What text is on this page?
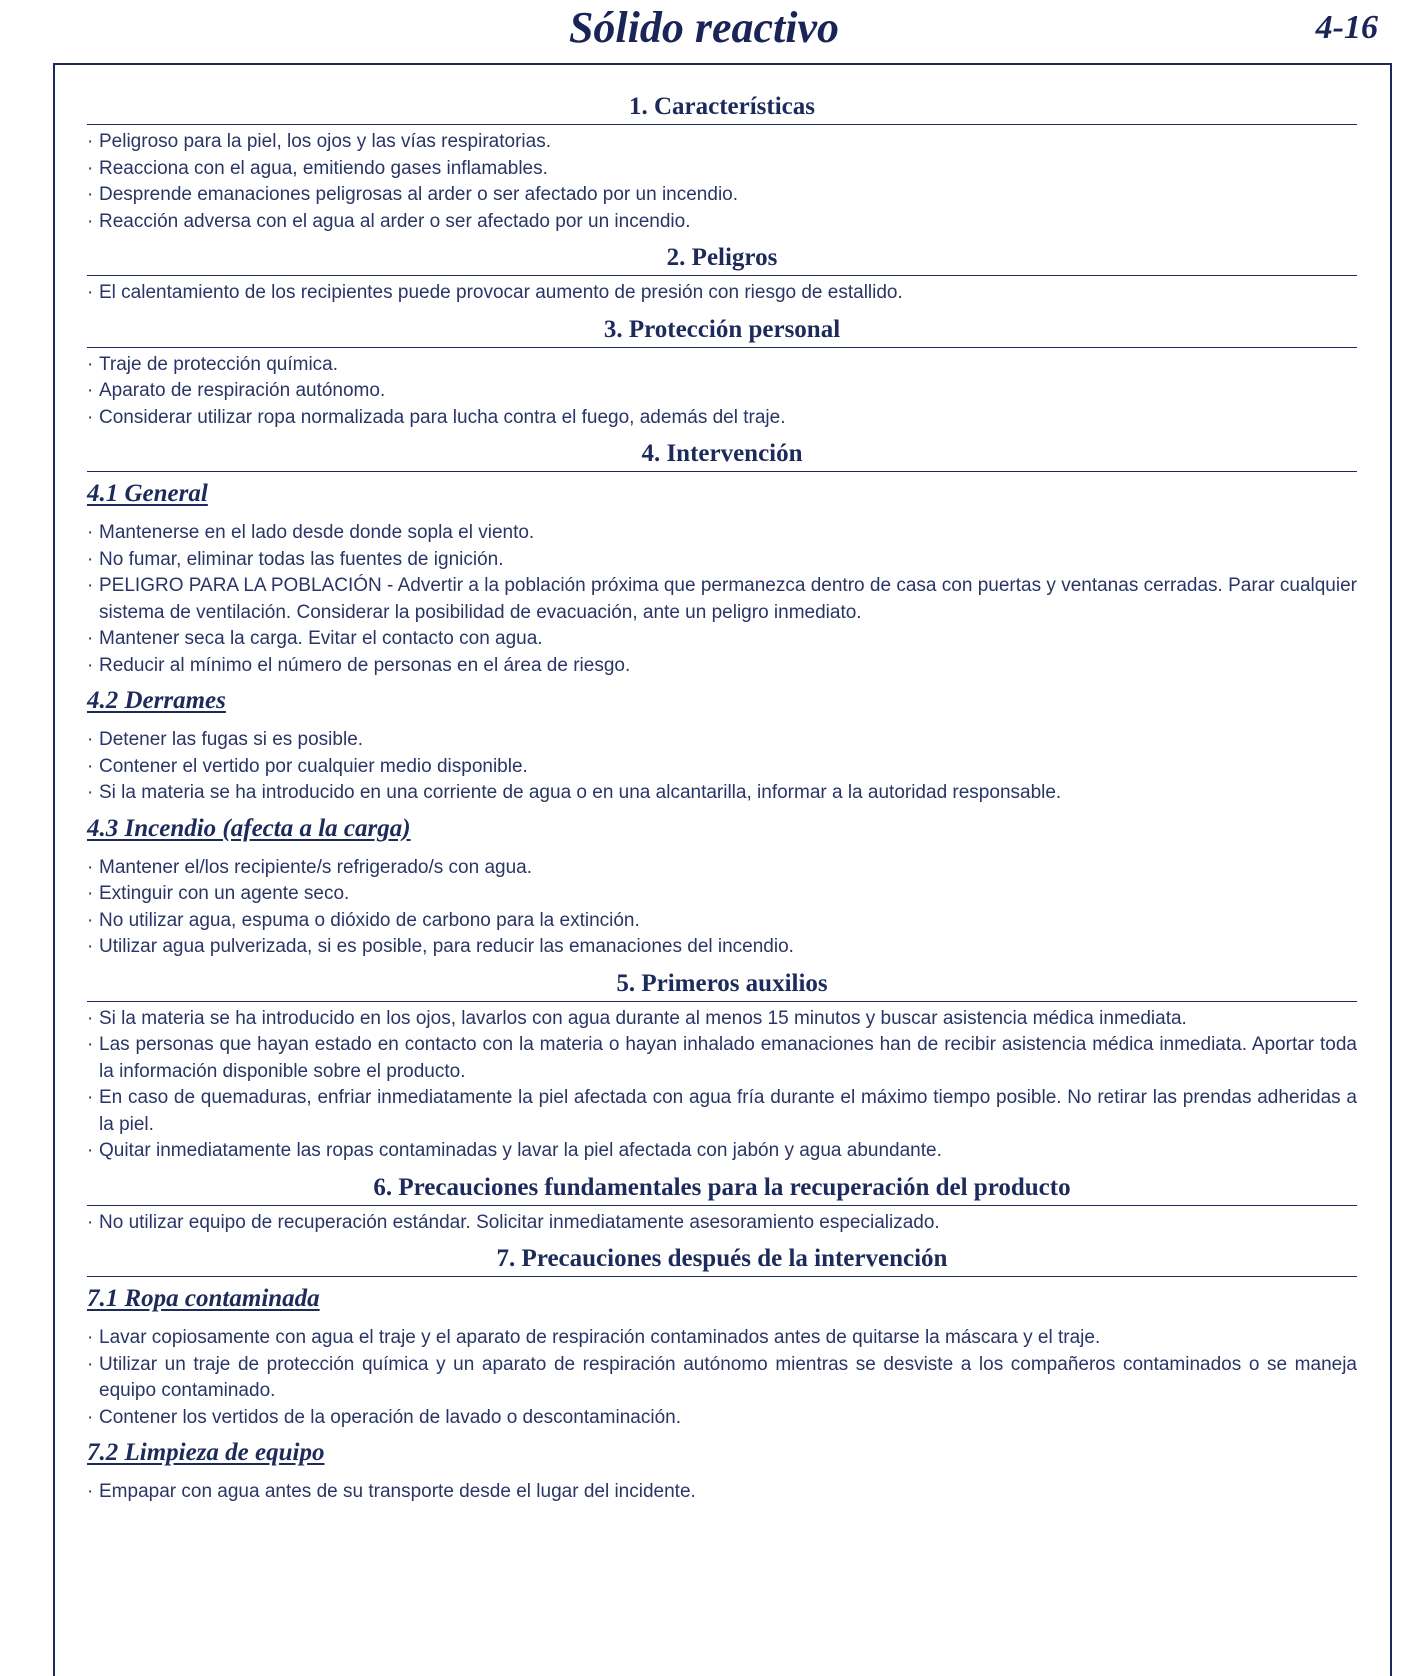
Sólido reactivo	4-16
1. Características
· Peligroso para la piel, los ojos y las vías respiratorias.
· Reacciona con el agua, emitiendo gases inflamables.
· Desprende emanaciones peligrosas al arder o ser afectado por un incendio.
· Reacción adversa con el agua al arder o ser afectado por un incendio.
2. Peligros
· El calentamiento de los recipientes puede provocar aumento de presión con riesgo de estallido.
3. Protección personal
· Traje de protección química.
· Aparato de respiración autónomo.
· Considerar utilizar ropa normalizada para lucha contra el fuego, además del traje.
4. Intervención
4.1 General
· Mantenerse en el lado desde donde sopla el viento.
· No fumar, eliminar todas las fuentes de ignición.
· PELIGRO PARA LA POBLACIÓN - Advertir a la población próxima que permanezca dentro de casa con puertas y ventanas cerradas. Parar cualquier sistema de ventilación. Considerar la posibilidad de evacuación, ante un peligro inmediato.
· Mantener seca la carga. Evitar el contacto con agua.
· Reducir al mínimo el número de personas en el área de riesgo.
4.2 Derrames
· Detener las fugas si es posible.
· Contener el vertido por cualquier medio disponible.
· Si la materia se ha introducido en una corriente de agua o en una alcantarilla, informar a la autoridad responsable.
4.3 Incendio (afecta a la carga)
· Mantener el/los recipiente/s refrigerado/s con agua.
· Extinguir con un agente seco.
· No utilizar agua, espuma o dióxido de carbono para la extinción.
· Utilizar agua pulverizada, si es posible, para reducir las emanaciones del incendio.
5. Primeros auxilios
· Si la materia se ha introducido en los ojos, lavarlos con agua durante al menos 15 minutos y buscar asistencia médica inmediata.
· Las personas que hayan estado en contacto con la materia o hayan inhalado emanaciones han de recibir asistencia médica inmediata. Aportar toda la información disponible sobre el producto.
· En caso de quemaduras, enfriar inmediatamente la piel afectada con agua fría durante el máximo tiempo posible. No retirar las prendas adheridas a la piel.
· Quitar inmediatamente las ropas contaminadas y lavar la piel afectada con jabón y agua abundante.
6. Precauciones fundamentales para la recuperación del producto
· No utilizar equipo de recuperación estándar. Solicitar inmediatamente asesoramiento especializado.
7. Precauciones después de la intervención
7.1 Ropa contaminada
· Lavar copiosamente con agua el traje y el aparato de respiración contaminados antes de quitarse la máscara y el traje.
· Utilizar un traje de protección química y un aparato de respiración autónomo mientras se desviste a los compañeros contaminados o se maneja equipo contaminado.
· Contener los vertidos de la operación de lavado o descontaminación.
7.2 Limpieza de equipo
· Empapar con agua antes de su transporte desde el lugar del incidente.
